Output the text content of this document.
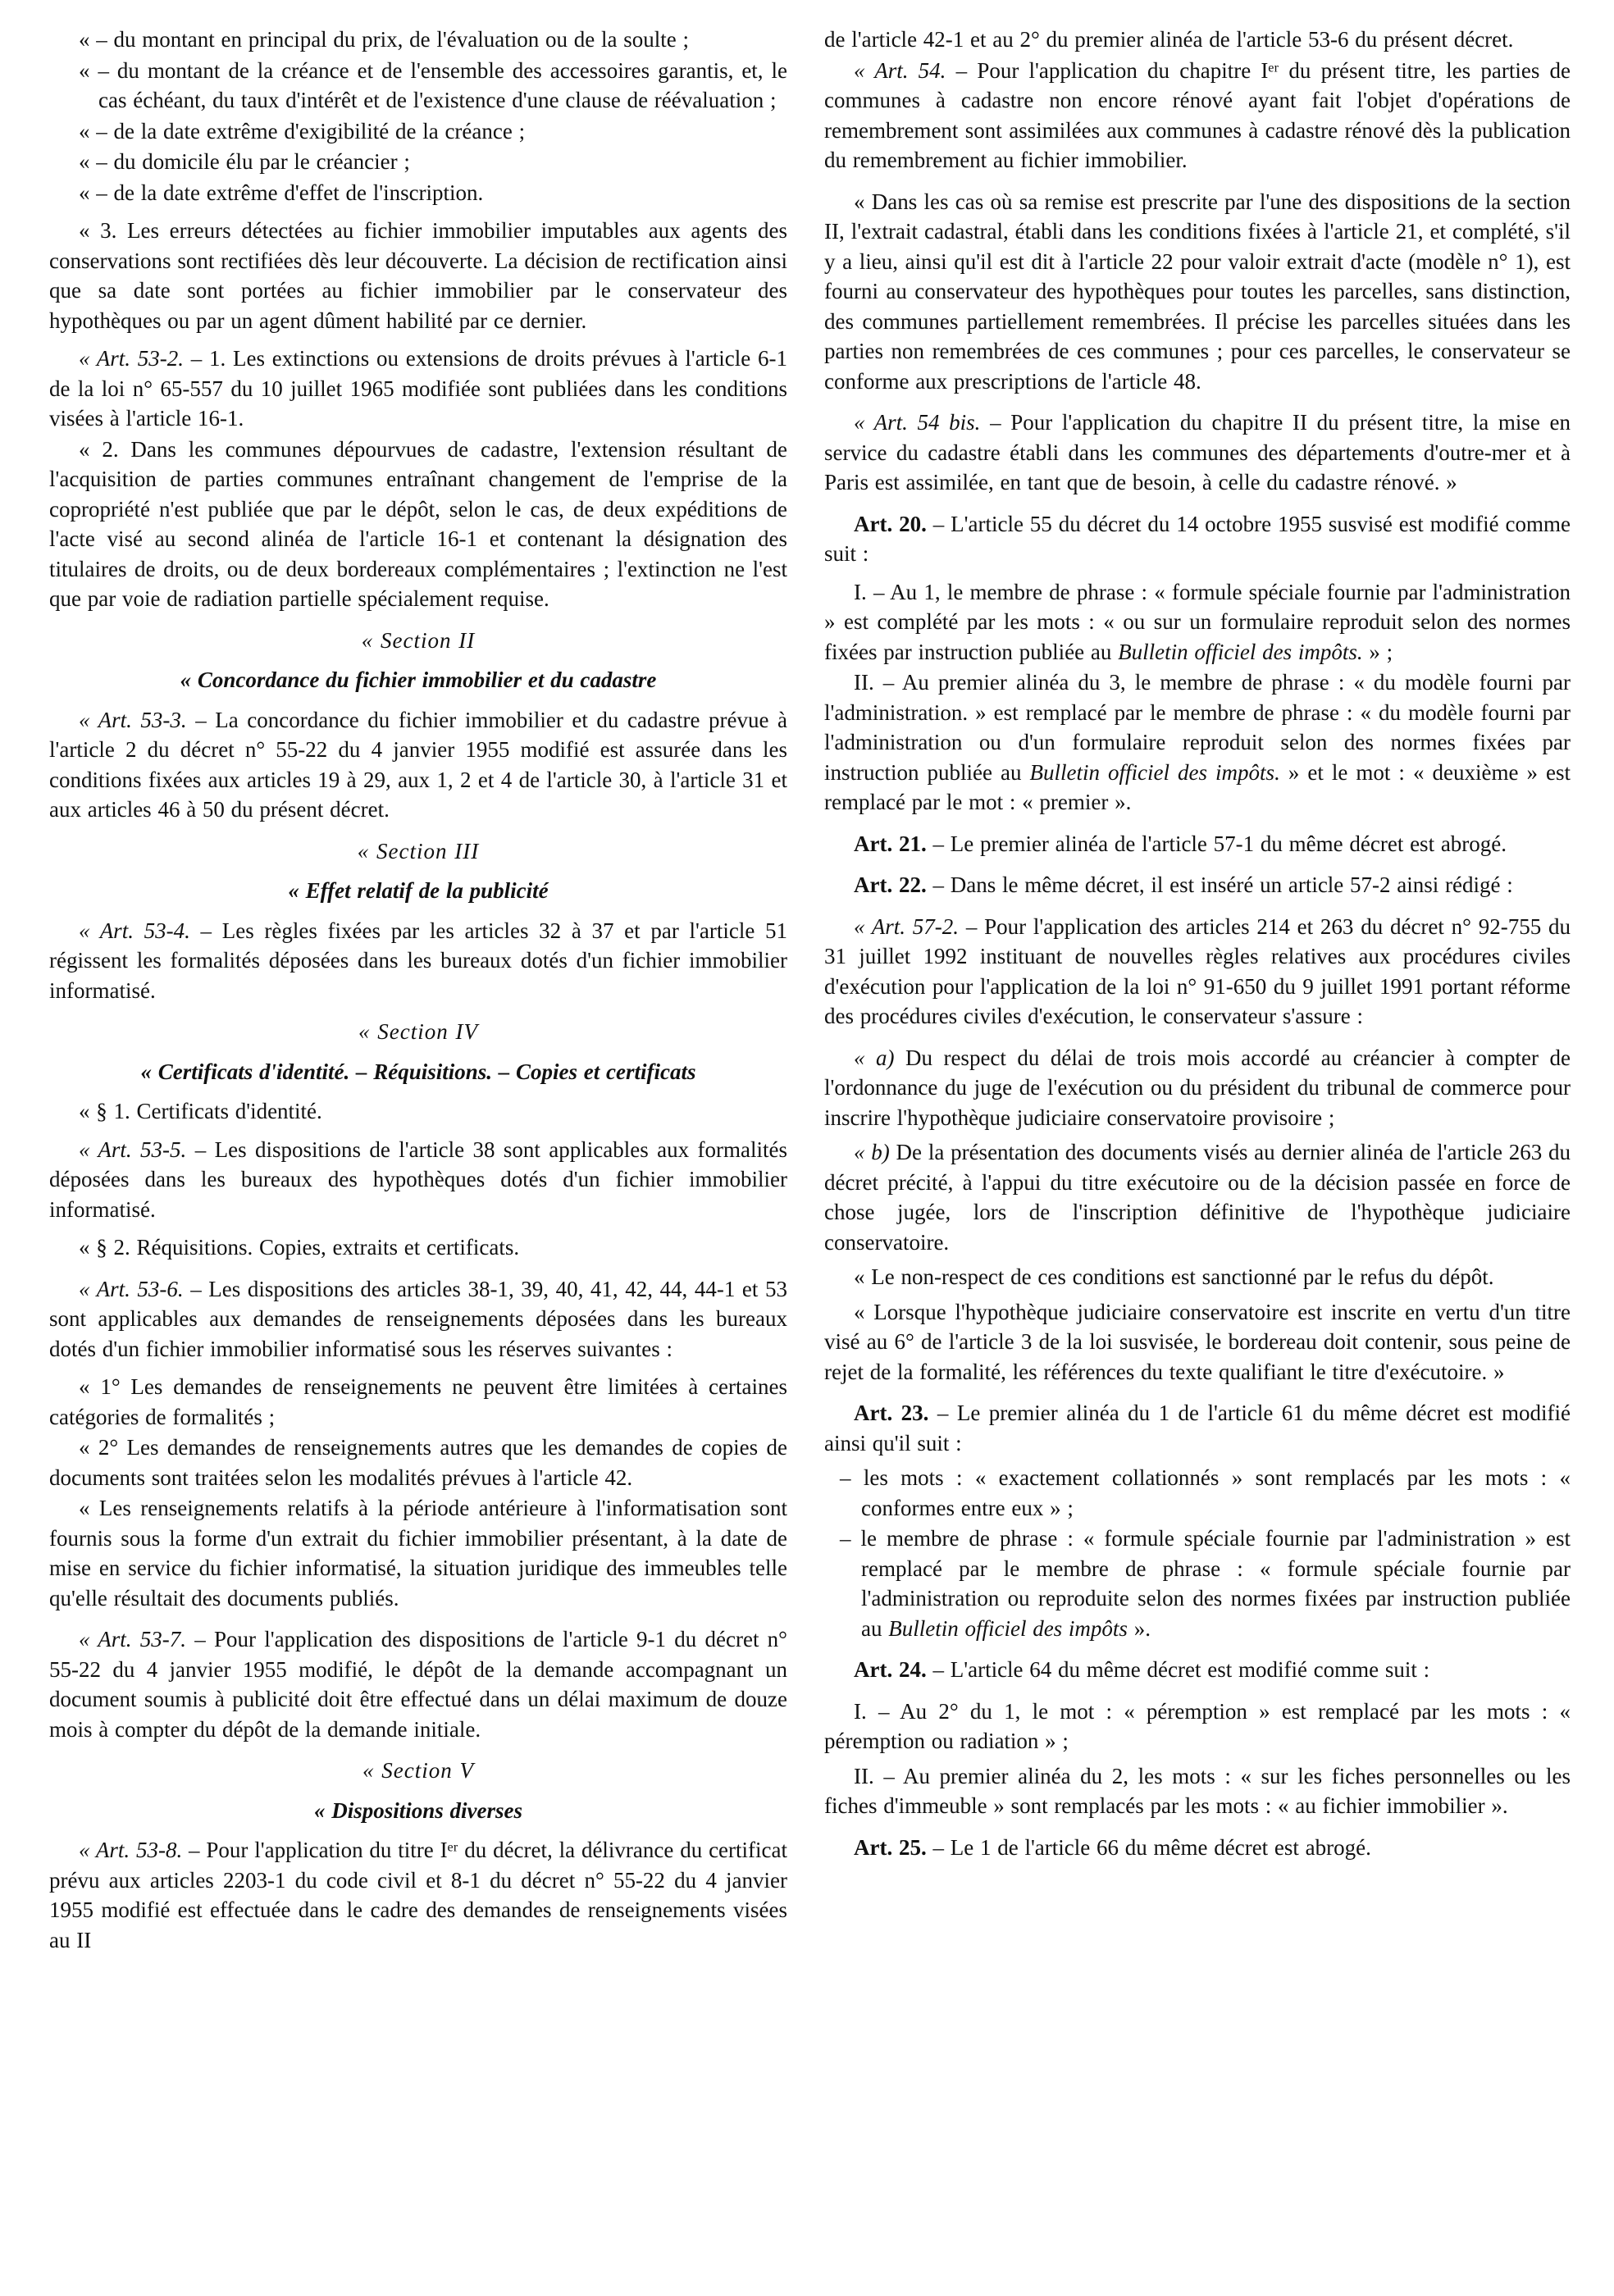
« – du montant en principal du prix, de l'évaluation ou de la soulte ;

« – du montant de la créance et de l'ensemble des accessoires garantis, et, le cas échéant, du taux d'intérêt et de l'existence d'une clause de réévaluation ;

« – de la date extrême d'exigibilité de la créance ;

« – du domicile élu par le créancier ;

« – de la date extrême d'effet de l'inscription.

« 3. Les erreurs détectées au fichier immobilier imputables aux agents des conservations sont rectifiées dès leur découverte. La décision de rectification ainsi que sa date sont portées au fichier immobilier par le conservateur des hypothèques ou par un agent dûment habilité par ce dernier.

« Art. 53-2. – 1. Les extinctions ou extensions de droits prévues à l'article 6-1 de la loi n° 65-557 du 10 juillet 1965 modifiée sont publiées dans les conditions visées à l'article 16-1.

« 2. Dans les communes dépourvues de cadastre, l'extension résultant de l'acquisition de parties communes entraînant changement de l'emprise de la copropriété n'est publiée que par le dépôt, selon le cas, de deux expéditions de l'acte visé au second alinéa de l'article 16-1 et contenant la désignation des titulaires de droits, ou de deux bordereaux complémentaires ; l'extinction ne l'est que par voie de radiation partielle spécialement requise.

« Section II

« Concordance du fichier immobilier et du cadastre

« Art. 53-3. – La concordance du fichier immobilier et du cadastre prévue à l'article 2 du décret n° 55-22 du 4 janvier 1955 modifié est assurée dans les conditions fixées aux articles 19 à 29, aux 1, 2 et 4 de l'article 30, à l'article 31 et aux articles 46 à 50 du présent décret.

« Section III

« Effet relatif de la publicité

« Art. 53-4. – Les règles fixées par les articles 32 à 37 et par l'article 51 régissent les formalités déposées dans les bureaux dotés d'un fichier immobilier informatisé.

« Section IV

« Certificats d'identité. – Réquisitions. – Copies et certificats

« § 1. Certificats d'identité.

« Art. 53-5. – Les dispositions de l'article 38 sont applicables aux formalités déposées dans les bureaux des hypothèques dotés d'un fichier immobilier informatisé.

« § 2. Réquisitions. Copies, extraits et certificats.

« Art. 53-6. – Les dispositions des articles 38-1, 39, 40, 41, 42, 44, 44-1 et 53 sont applicables aux demandes de renseignements déposées dans les bureaux dotés d'un fichier immobilier informatisé sous les réserves suivantes :

« 1° Les demandes de renseignements ne peuvent être limitées à certaines catégories de formalités ;

« 2° Les demandes de renseignements autres que les demandes de copies de documents sont traitées selon les modalités prévues à l'article 42.

« Les renseignements relatifs à la période antérieure à l'informatisation sont fournis sous la forme d'un extrait du fichier immobilier présentant, à la date de mise en service du fichier informatisé, la situation juridique des immeubles telle qu'elle résultait des documents publiés.

« Art. 53-7. – Pour l'application des dispositions de l'article 9-1 du décret n° 55-22 du 4 janvier 1955 modifié, le dépôt de la demande accompagnant un document soumis à publicité doit être effectué dans un délai maximum de douze mois à compter du dépôt de la demande initiale.

« Section V

« Dispositions diverses

« Art. 53-8. – Pour l'application du titre Iᵉʳ du décret, la délivrance du certificat prévu aux articles 2203-1 du code civil et 8-1 du décret n° 55-22 du 4 janvier 1955 modifié est effectuée dans le cadre des demandes de renseignements visées au II

de l'article 42-1 et au 2° du premier alinéa de l'article 53-6 du présent décret.

« Art. 54. – Pour l'application du chapitre Iᵉʳ du présent titre, les parties de communes à cadastre non encore rénové ayant fait l'objet d'opérations de remembrement sont assimilées aux communes à cadastre rénové dès la publication du remembrement au fichier immobilier.

« Dans les cas où sa remise est prescrite par l'une des dispositions de la section II, l'extrait cadastral, établi dans les conditions fixées à l'article 21, et complété, s'il y a lieu, ainsi qu'il est dit à l'article 22 pour valoir extrait d'acte (modèle n° 1), est fourni au conservateur des hypothèques pour toutes les parcelles, sans distinction, des communes partiellement remembrées. Il précise les parcelles situées dans les parties non remembrées de ces communes ; pour ces parcelles, le conservateur se conforme aux prescriptions de l'article 48.

« Art. 54 bis. – Pour l'application du chapitre II du présent titre, la mise en service du cadastre établi dans les communes des départements d'outre-mer et à Paris est assimilée, en tant que de besoin, à celle du cadastre rénové. »

Art. 20. – L'article 55 du décret du 14 octobre 1955 susvisé est modifié comme suit :

I. – Au 1, le membre de phrase : « formule spéciale fournie par l'administration » est complété par les mots : « ou sur un formulaire reproduit selon des normes fixées par instruction publiée au Bulletin officiel des impôts. » ;

II. – Au premier alinéa du 3, le membre de phrase : « du modèle fourni par l'administration. » est remplacé par le membre de phrase : « du modèle fourni par l'administration ou d'un formulaire reproduit selon des normes fixées par instruction publiée au Bulletin officiel des impôts. » et le mot : « deuxième » est remplacé par le mot : « premier ».

Art. 21. – Le premier alinéa de l'article 57-1 du même décret est abrogé.

Art. 22. – Dans le même décret, il est inséré un article 57-2 ainsi rédigé :

« Art. 57-2. – Pour l'application des articles 214 et 263 du décret n° 92-755 du 31 juillet 1992 instituant de nouvelles règles relatives aux procédures civiles d'exécution pour l'application de la loi n° 91-650 du 9 juillet 1991 portant réforme des procédures civiles d'exécution, le conservateur s'assure :

« a) Du respect du délai de trois mois accordé au créancier à compter de l'ordonnance du juge de l'exécution ou du président du tribunal de commerce pour inscrire l'hypothèque judiciaire conservatoire provisoire ;

« b) De la présentation des documents visés au dernier alinéa de l'article 263 du décret précité, à l'appui du titre exécutoire ou de la décision passée en force de chose jugée, lors de l'inscription définitive de l'hypothèque judiciaire conservatoire.

« Le non-respect de ces conditions est sanctionné par le refus du dépôt.

« Lorsque l'hypothèque judiciaire conservatoire est inscrite en vertu d'un titre visé au 6° de l'article 3 de la loi susvisée, le bordereau doit contenir, sous peine de rejet de la formalité, les références du texte qualifiant le titre d'exécutoire. »

Art. 23. – Le premier alinéa du 1 de l'article 61 du même décret est modifié ainsi qu'il suit :

– les mots : « exactement collationnés » sont remplacés par les mots : « conformes entre eux » ;

– le membre de phrase : « formule spéciale fournie par l'administration » est remplacé par le membre de phrase : « formule spéciale fournie par l'administration ou reproduite selon des normes fixées par instruction publiée au Bulletin officiel des impôts ».

Art. 24. – L'article 64 du même décret est modifié comme suit :

I. – Au 2° du 1, le mot : « péremption » est remplacé par les mots : « péremption ou radiation » ;

II. – Au premier alinéa du 2, les mots : « sur les fiches personnelles ou les fiches d'immeuble » sont remplacés par les mots : « au fichier immobilier ».

Art. 25. – Le 1 de l'article 66 du même décret est abrogé.
